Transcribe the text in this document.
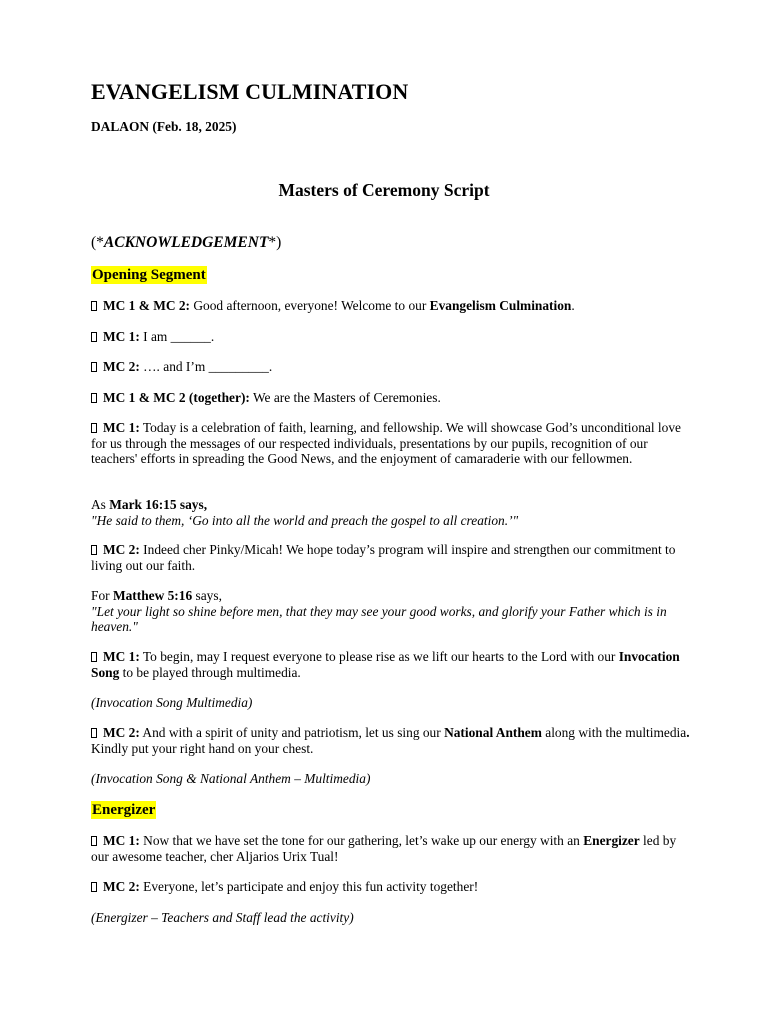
EVANGELISM CULMINATION
DALAON (Feb. 18, 2025)
Masters of Ceremony Script
(*ACKNOWLEDGEMENT*)
Opening Segment
MC 1 & MC 2: Good afternoon, everyone! Welcome to our Evangelism Culmination.
MC 1: I am ______.
MC 2: …. and I’m _________.
MC 1 & MC 2 (together): We are the Masters of Ceremonies.
MC 1: Today is a celebration of faith, learning, and fellowship. We will showcase God’s unconditional love for us through the messages of our respected individuals, presentations by our pupils, recognition of our teachers' efforts in spreading the Good News, and the enjoyment of camaraderie with our fellowmen.
As Mark 16:15 says,
"He said to them, ‘Go into all the world and preach the gospel to all creation.’"
MC 2: Indeed cher Pinky/Micah! We hope today’s program will inspire and strengthen our commitment to living out our faith.
For Matthew 5:16 says,
"Let your light so shine before men, that they may see your good works, and glorify your Father which is in heaven."
MC 1: To begin, may I request everyone to please rise as we lift our hearts to the Lord with our Invocation Song to be played through multimedia.
(Invocation Song Multimedia)
MC 2: And with a spirit of unity and patriotism, let us sing our National Anthem along with the multimedia. Kindly put your right hand on your chest.
(Invocation Song & National Anthem – Multimedia)
Energizer
MC 1: Now that we have set the tone for our gathering, let’s wake up our energy with an Energizer led by our awesome teacher, cher Aljarios Urix Tual!
MC 2: Everyone, let’s participate and enjoy this fun activity together!
(Energizer – Teachers and Staff lead the activity)
